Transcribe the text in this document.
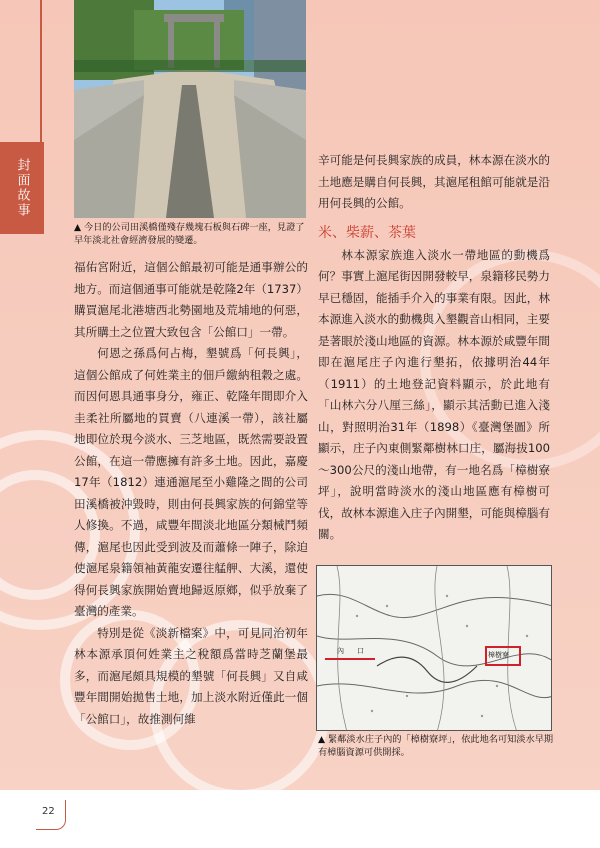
封面故事
▲ 今日的公司田溪橋僅殘存幾塊石板與石碑一座，見證了早年淡北社會經濟發展的變遷。

福佑宮附近，這個公館最初可能是通事辦公的地方。而這個通事可能就是乾隆2年（1737）購買滬尾北港塘西北勢園地及荒埔地的何惡，其所購土之位置大致包含「公館口」一帶。

何恩之孫爲何占梅，墾號爲「何長興」，這個公館成了何姓業主的佃戶繳納租穀之處。而因何恩具通事身分，雍正、乾隆年間即介入圭柔社所屬地的買賣（八連溪一帶），該社屬地即位於現今淡水、三芝地區，既然需要設置公館，在這一帶應擁有許多土地。因此，嘉慶17年（1812）連通滬尾至小雞隆之間的公司田溪橋被沖毀時，則由何長興家族的何錦堂等人修換。不過，咸豐年間淡北地區分類械鬥頻傳，滬尾也因此受到波及而蕭條一陣子，除迫使滬尾泉籍領袖黃龍安遷往艋舺、大溪，還使得何長興家族開始賣地歸返原鄉，似乎放棄了臺灣的產業。

特別是從《淡新檔案》中，可見同治初年林本源承頂何姓業主之稅額爲當時芝蘭堡最多，而滬尾頗具規模的墾號「何長興」又自咸豐年間開始拋售土地，加上淡水附近僅此一個「公館口」，故推測何維

辛可能是何長興家族的成員，林本源在淡水的土地應是購自何長興，其滬尾租館可能就是沿用何長興的公館。

米、柴薪、茶葉

林本源家族進入淡水一帶地區的動機爲何？事實上滬尾街因開發較早，泉籍移民勢力早已穩固，能插手介入的事業有限。因此，林本源進入淡水的動機與入墾觀音山相同，主要是著眼於淺山地區的資源。林本源於咸豐年間即在滬尾庄子內進行墾拓，依據明治44年（1911）的土地登記資料顯示，於此地有「山林六分八厘三絲」，顯示其活動已進入淺山，對照明治31年（1898）《臺灣堡圖》所顯示，庄子內東側緊鄰樹林口庄，屬海拔100～300公尺的淺山地帶，有一地名爲「樟樹寮坪」，說明當時淡水的淺山地區應有樟樹可伐，故林本源進入庄子內開墾，可能與樟腦有關。

樟樹寮
內 口
▲ 緊鄰淡水庄子內的「樟樹寮坪」，依此地名可知淡水早期有樟腦資源可供開採。
22
